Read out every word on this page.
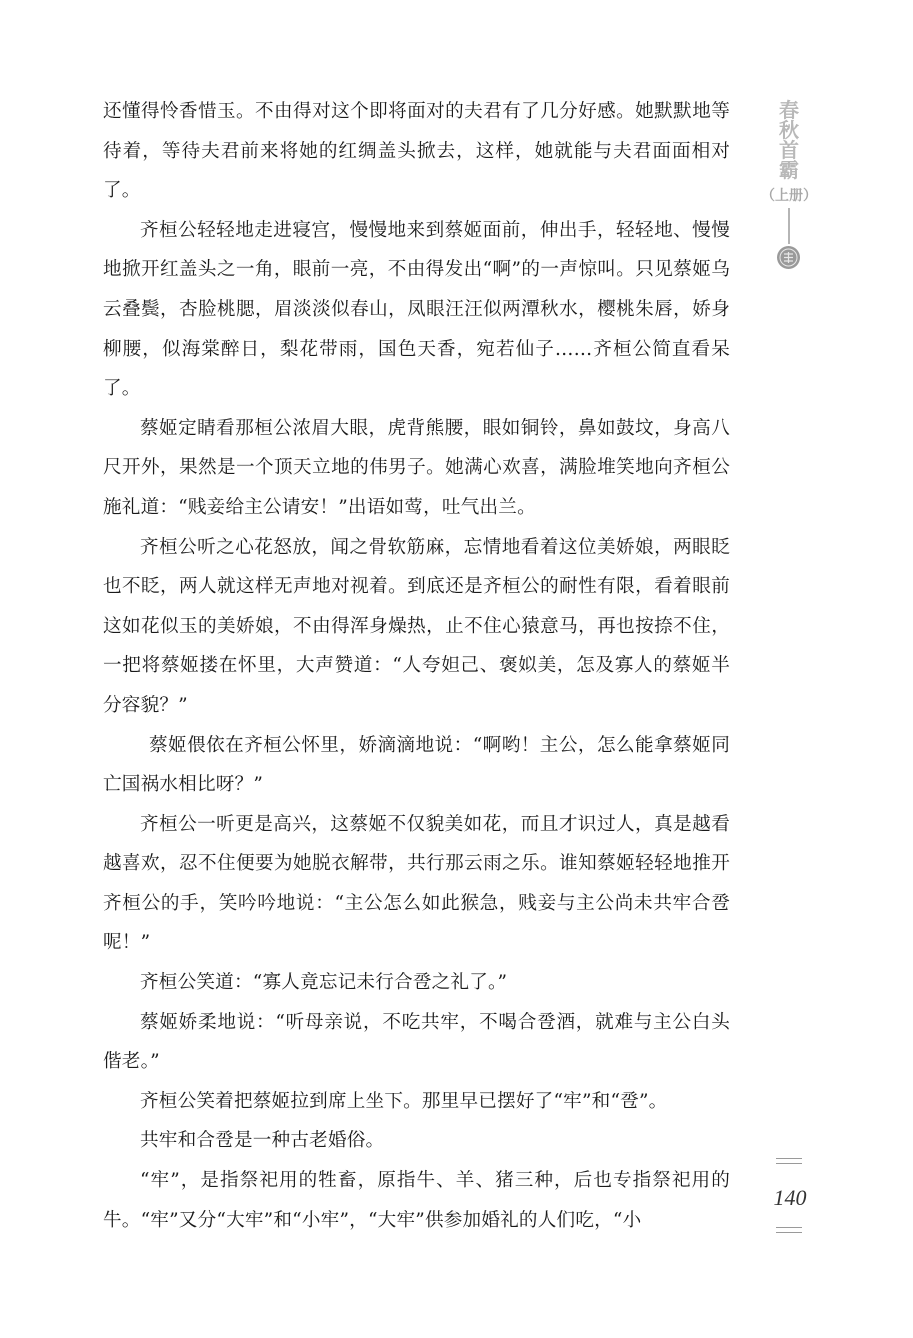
还懂得怜香惜玉。不由得对这个即将面对的夫君有了几分好感。她默默地等待着，等待夫君前来将她的红绸盖头掀去，这样，她就能与夫君面面相对了。

齐桓公轻轻地走进寝宫，慢慢地来到蔡姬面前，伸出手，轻轻地、慢慢地掀开红盖头之一角，眼前一亮，不由得发出“啊”的一声惊叫。只见蔡姬乌云叠鬓，杏脸桃腮，眉淡淡似春山，凤眼汪汪似两潭秋水，樱桃朱唇，娇身柳腰，似海棠醉日，梨花带雨，国色天香，宛若仙子……齐桓公简直看呆了。

蔡姬定睛看那桓公浓眉大眼，虎背熊腰，眼如铜铃，鼻如鼓坟，身高八尺开外，果然是一个顶天立地的伟男子。她满心欢喜，满脸堆笑地向齐桓公施礼道：“贱妾给主公请安！”出语如莺，吐气出兰。

齐桓公听之心花怒放，闻之骨软筋麻，忘情地看着这位美娇娘，两眼眨也不眨，两人就这样无声地对视着。到底还是齐桓公的耐性有限，看着眼前这如花似玉的美娇娘，不由得浑身燥热，止不住心猿意马，再也按捺不住，一把将蔡姬搂在怀里，大声赞道：“人夸妲己、褒姒美，怎及寡人的蔡姬半分容貌？”

蔡姬偎依在齐桓公怀里，娇滴滴地说：“啊哟！主公，怎么能拿蔡姬同亡国祸水相比呀？”

齐桓公一听更是高兴，这蔡姬不仅貌美如花，而且才识过人，真是越看越喜欢，忍不住便要为她脱衣解带，共行那云雨之乐。谁知蔡姬轻轻地推开齐桓公的手，笑吟吟地说：“主公怎么如此猴急，贱妾与主公尚未共牢合卺呢！”

齐桓公笑道：“寡人竟忘记未行合卺之礼了。”

蔡姬娇柔地说：“听母亲说，不吃共牢，不喝合卺酒，就难与主公白头偕老。”

齐桓公笑着把蔡姬拉到席上坐下。那里早已摆好了“牢”和“卺”。

共牢和合卺是一种古老婚俗。

“牢”，是指祭祀用的牲畜，原指牛、羊、猪三种，后也专指祭祀用的牛。“牢”又分“大牢”和“小牢”，“大牢”供参加婚礼的人们吃，“小

春
秋
首
霸
（上册）
140
